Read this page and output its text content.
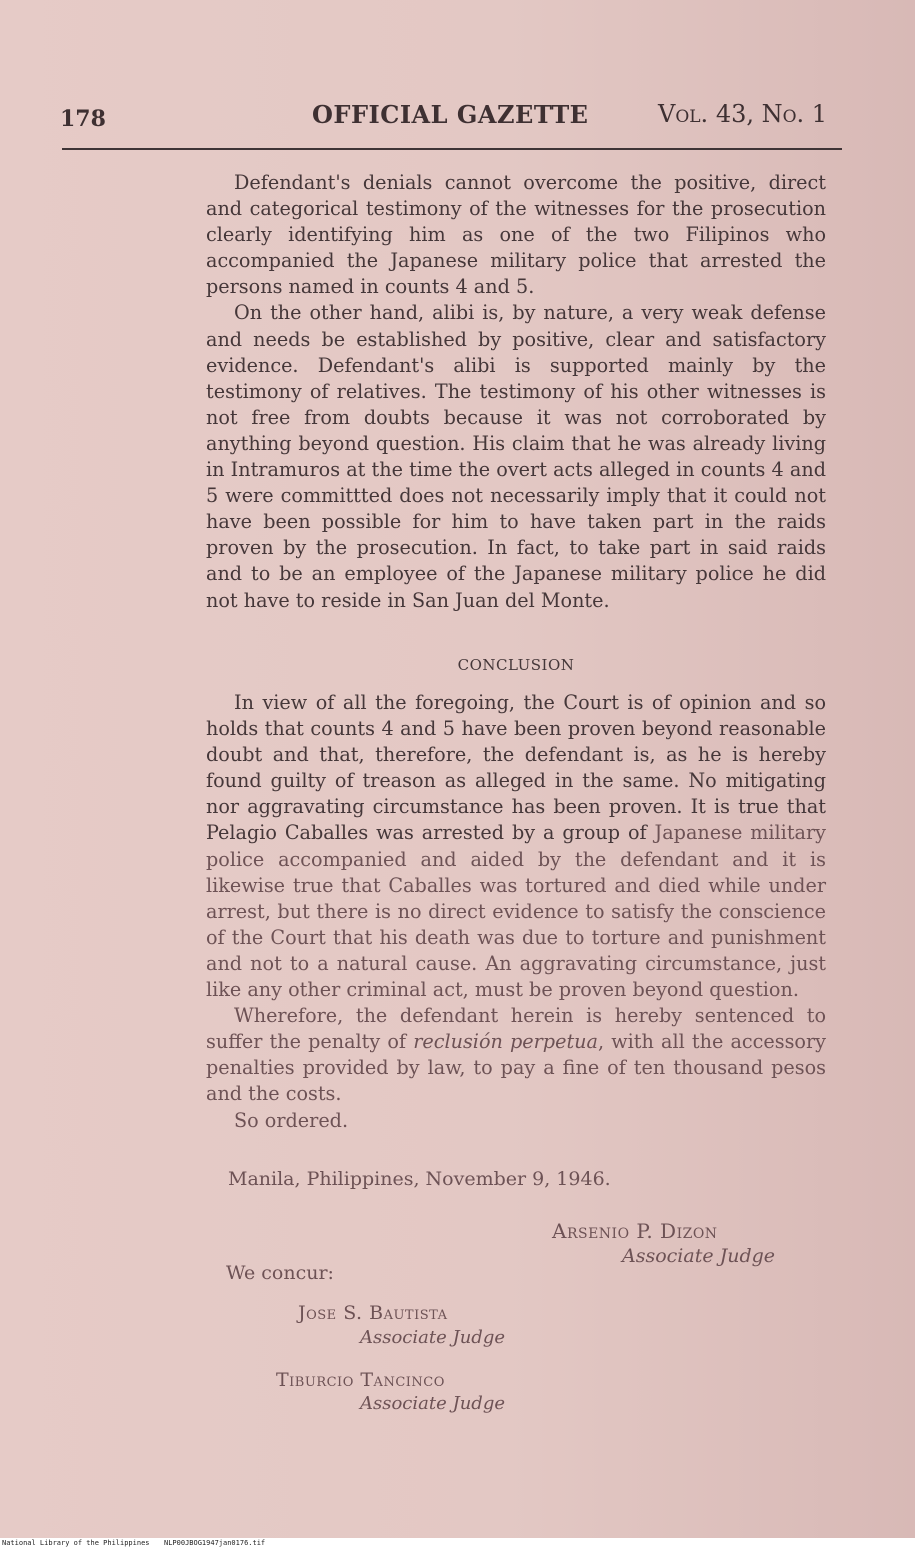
178	OFFICIAL GAZETTE	Vol. 43, No. 1

Defendant's denials cannot overcome the positive, direct and categorical testimony of the witnesses for the prosecution clearly identifying him as one of the two Filipinos who accompanied the Japanese military police that arrested the persons named in counts 4 and 5.

On the other hand, alibi is, by nature, a very weak defense and needs be established by positive, clear and satisfactory evidence. Defendant's alibi is supported mainly by the testimony of relatives. The testimony of his other witnesses is not free from doubts because it was not corroborated by anything beyond question. His claim that he was already living in Intramuros at the time the overt acts alleged in counts 4 and 5 were committted does not necessarily imply that it could not have been possible for him to have taken part in the raids proven by the prosecution. In fact, to take part in said raids and to be an employee of the Japanese military police he did not have to reside in San Juan del Monte.

CONCLUSION

In view of all the foregoing, the Court is of opinion and so holds that counts 4 and 5 have been proven beyond reasonable doubt and that, therefore, the defendant is, as he is hereby found guilty of treason as alleged in the same. No mitigating nor aggravating circumstance has been proven. It is true that Pelagio Caballes was arrested by a group of Japanese military police accompanied and aided by the defendant and it is likewise true that Caballes was tortured and died while under arrest, but there is no direct evidence to satisfy the conscience of the Court that his death was due to torture and punishment and not to a natural cause. An aggravating circumstance, just like any other criminal act, must be proven beyond question.

Wherefore, the defendant herein is hereby sentenced to suffer the penalty of reclusión perpetua, with all the accessory penalties provided by law, to pay a fine of ten thousand pesos and the costs.

So ordered.

Manila, Philippines, November 9, 1946.
Arsenio P. Dizon
Associate Judge
We concur:
Jose S. Bautista
Associate Judge
Tiburcio Tancinco
Associate Judge
National Library of the Philippines NLP00JBOG1947jan0176.tif
